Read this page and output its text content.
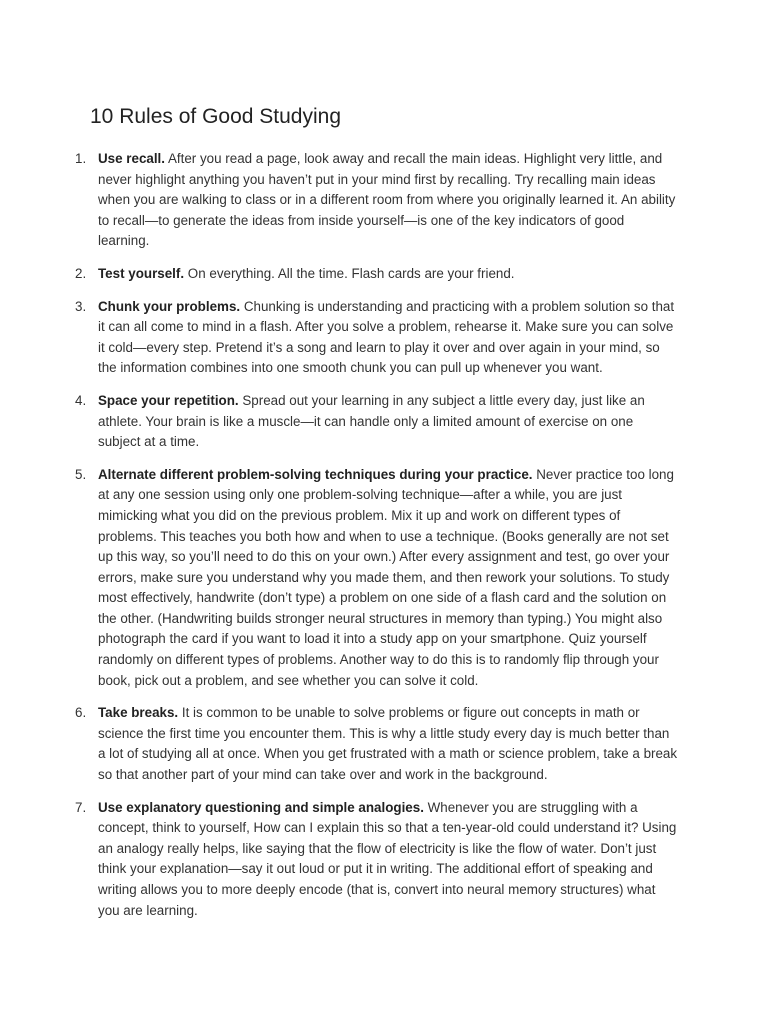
10 Rules of Good Studying
1. Use recall. After you read a page, look away and recall the main ideas. Highlight very little, and never highlight anything you haven’t put in your mind first by recalling. Try recalling main ideas when you are walking to class or in a different room from where you originally learned it. An ability to recall—to generate the ideas from inside yourself—is one of the key indicators of good learning.
2. Test yourself. On everything. All the time. Flash cards are your friend.
3. Chunk your problems. Chunking is understanding and practicing with a problem solution so that it can all come to mind in a flash. After you solve a problem, rehearse it. Make sure you can solve it cold—every step. Pretend it’s a song and learn to play it over and over again in your mind, so the information combines into one smooth chunk you can pull up whenever you want.
4. Space your repetition. Spread out your learning in any subject a little every day, just like an athlete. Your brain is like a muscle—it can handle only a limited amount of exercise on one subject at a time.
5. Alternate different problem-solving techniques during your practice. Never practice too long at any one session using only one problem-solving technique—after a while, you are just mimicking what you did on the previous problem. Mix it up and work on different types of problems. This teaches you both how and when to use a technique. (Books generally are not set up this way, so you’ll need to do this on your own.) After every assignment and test, go over your errors, make sure you understand why you made them, and then rework your solutions. To study most effectively, handwrite (don’t type) a problem on one side of a flash card and the solution on the other. (Handwriting builds stronger neural structures in memory than typing.) You might also photograph the card if you want to load it into a study app on your smartphone. Quiz yourself randomly on different types of problems. Another way to do this is to randomly flip through your book, pick out a problem, and see whether you can solve it cold.
6. Take breaks. It is common to be unable to solve problems or figure out concepts in math or science the first time you encounter them. This is why a little study every day is much better than a lot of studying all at once. When you get frustrated with a math or science problem, take a break so that another part of your mind can take over and work in the background.
7. Use explanatory questioning and simple analogies. Whenever you are struggling with a concept, think to yourself, How can I explain this so that a ten-year-old could understand it? Using an analogy really helps, like saying that the flow of electricity is like the flow of water. Don’t just think your explanation—say it out loud or put it in writing. The additional effort of speaking and writing allows you to more deeply encode (that is, convert into neural memory structures) what you are learning.
